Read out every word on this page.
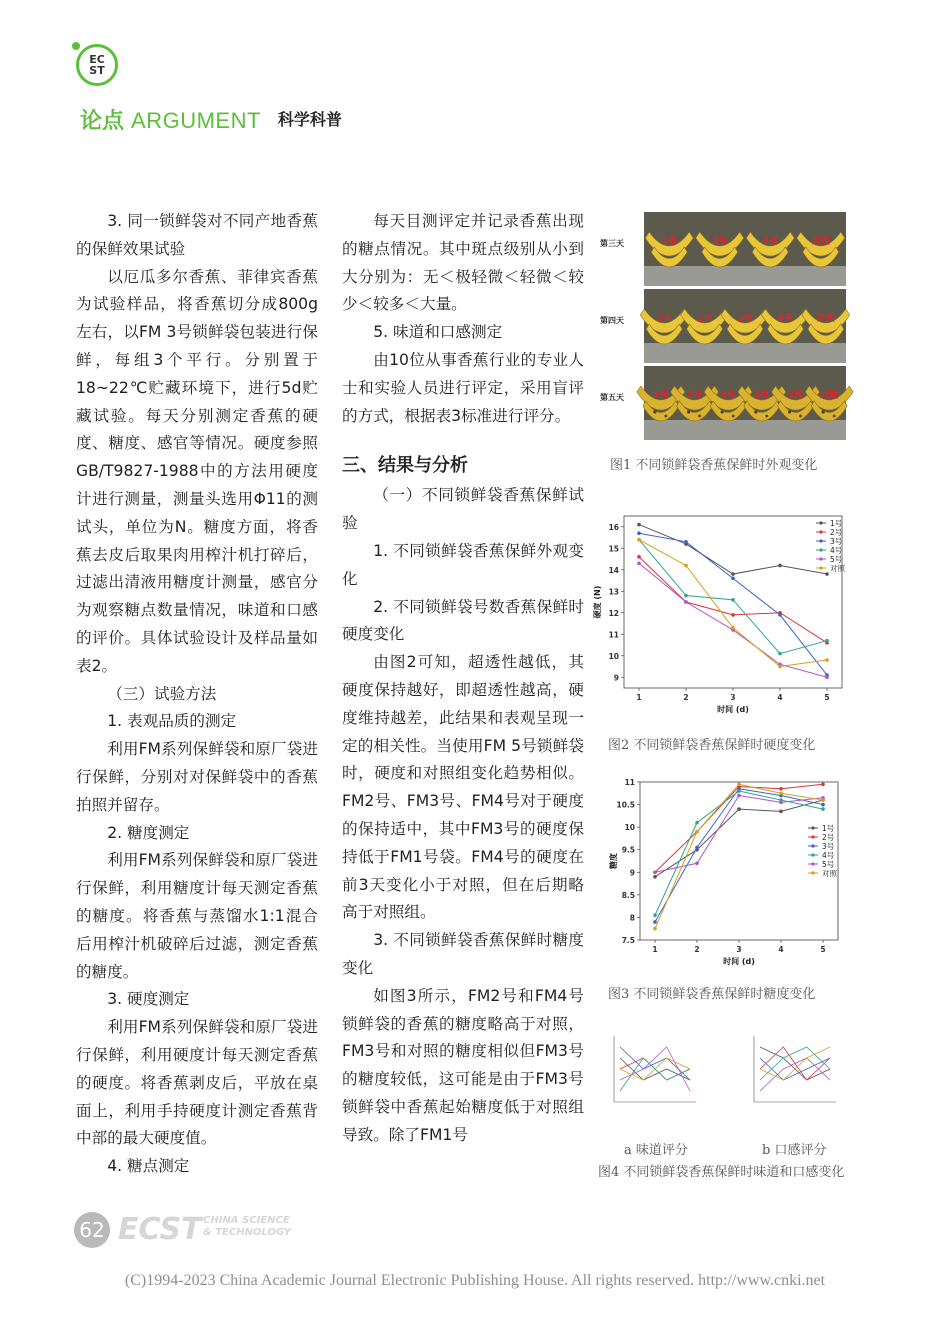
EC
ST
论点 ARGUMENT 科学科普

3. 同一锁鲜袋对不同产地香蕉的保鲜效果试验

以厄瓜多尔香蕉、菲律宾香蕉为试验样品，将香蕉切分成800g左右，以FM 3号锁鲜袋包装进行保鲜，每组3个平行。分别置于18~22℃贮藏环境下，进行5d贮藏试验。每天分别测定香蕉的硬度、糖度、感官等情况。硬度参照GB/T9827-1988中的方法用硬度计进行测量，测量头选用Φ11的测试头，单位为N。糖度方面，将香蕉去皮后取果肉用榨汁机打碎后，过滤出清液用糖度计测量，感官分为观察糖点数量情况，味道和口感的评价。具体试验设计及样品量如表2。

（三）试验方法

1. 表观品质的测定

利用FM系列保鲜袋和原厂袋进行保鲜，分别对对保鲜袋中的香蕉拍照并留存。

2. 糖度测定

利用FM系列保鲜袋和原厂袋进行保鲜，利用糖度计每天测定香蕉的糖度。将香蕉与蒸馏水1:1混合后用榨汁机破碎后过滤，测定香蕉的糖度。

3. 硬度测定

利用FM系列保鲜袋和原厂袋进行保鲜，利用硬度计每天测定香蕉的硬度。将香蕉剥皮后，平放在桌面上，利用手持硬度计测定香蕉背中部的最大硬度值。

4. 糖点测定

每天目测评定并记录香蕉出现的糖点情况。其中斑点级别从小到大分别为：无＜极轻微＜轻微＜较少＜较多＜大量。

5. 味道和口感测定

由10位从事香蕉行业的专业人士和实验人员进行评定，采用盲评的方式，根据表3标准进行评分。

三、结果与分析

（一）不同锁鲜袋香蕉保鲜试验

1. 不同锁鲜袋香蕉保鲜外观变化

2. 不同锁鲜袋号数香蕉保鲜时硬度变化

由图2可知，超透性越低，其硬度保持越好，即超透性越高，硬度维持越差，此结果和表观呈现一定的相关性。当使用FM 5号锁鲜袋时，硬度和对照组变化趋势相似。FM2号、FM3号、FM4号对于硬度的保持适中，其中FM3号的硬度保持低于FM1号袋。FM4号的硬度在前3天变化小于对照，但在后期略高于对照组。

3. 不同锁鲜袋香蕉保鲜时糖度变化

如图3所示，FM2号和FM4号锁鲜袋的香蕉的糖度略高于对照，FM3号和对照的糖度相似但FM3号的糖度较低，这可能是由于FM3号锁鲜袋中香蕉起始糖度低于对照组导致。除了FM1号

第三天	1号	2号	3号	对照
第四天	1号	2号	3号	4号	对照
第五天	1号 2号 3号 4号 5号 对照
图1 不同锁鲜袋香蕉保鲜时外观变化
9
10
11
12
13
14
15
16
1	2	3	4	5
时间 (d)
硬度 (N)
1号
2号
3号
4号
5号
对照
图2 不同锁鲜袋香蕉保鲜时硬度变化
7.5
8
8.5
9
9.5
10
10.5
11
1	2	3	4	5
时间 (d)
糖度
1号
2号
3号
4号
5号
对照
图3 不同锁鲜袋香蕉保鲜时糖度变化
a 味道评分	b 口感评分
图4 不同锁鲜袋香蕉保鲜时味道和口感变化
62 ECST CHINA SCIENCE
& TECHNOLOGY
(C)1994-2023 China Academic Journal Electronic Publishing House. All rights reserved. http://www.cnki.net
